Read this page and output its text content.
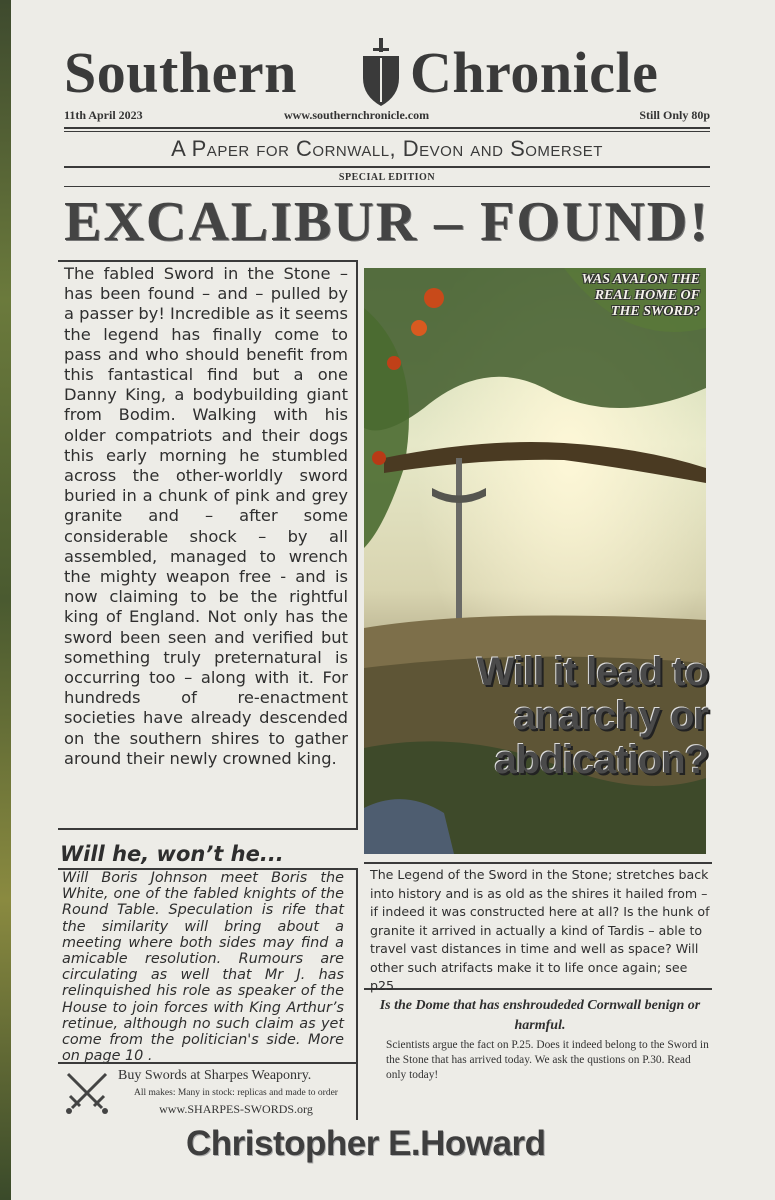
Southern Chronicle
11th April 2023	www.southernchronicle.com	Still Only 80p
A Paper for Cornwall, Devon and Somerset
SPECIAL EDITION
EXCALIBUR – FOUND!
The fabled Sword in the Stone – has been found – and – pulled by a passer by! Incredible as it seems the legend has finally come to pass and who should benefit from this fantastical find but a one Danny King, a bodybuilding giant from Bodim. Walking with his older compatriots and their dogs this early morning he stumbled across the other-worldly sword buried in a chunk of pink and grey granite and – after some considerable shock – by all assembled, managed to wrench the mighty weapon free - and is now claiming to be the rightful king of England. Not only has the sword been seen and verified but something truly preternatural is occurring too – along with it. For hundreds of re-enactment societies have already descended on the southern shires to gather around their newly crowned king.
WAS AVALON THE REAL HOME OF THE SWORD?
Will it lead to anarchy or abdication?
Will he, won’t he...
Will Boris Johnson meet Boris the White, one of the fabled knights of the Round Table. Speculation is rife that the similarity will bring about a meeting where both sides may find a amicable resolution. Rumours are circulating as well that Mr J. has relinquished his role as speaker of the House to join forces with King Arthur’s retinue, although no such claim as yet come from the politician's side. More on page 10 .
The Legend of the Sword in the Stone; stretches back into history and is as old as the shires it hailed from – if indeed it was constructed here at all? Is the hunk of granite it arrived in actually a kind of Tardis – able to travel vast distances in time and well as space? Will other such atrifacts make it to life once again; see p25
Is the Dome that has enshroudeded Cornwall benign or harmful.
Scientists argue the fact on P.25. Does it indeed belong to the Sword in the Stone that has arrived today. We ask the qustions on P.30. Read only today!
Buy Swords at Sharpes Weaponry.
All makes: Many in stock: replicas and made to order
www.SHARPES-SWORDS.org
Christopher E.Howard
